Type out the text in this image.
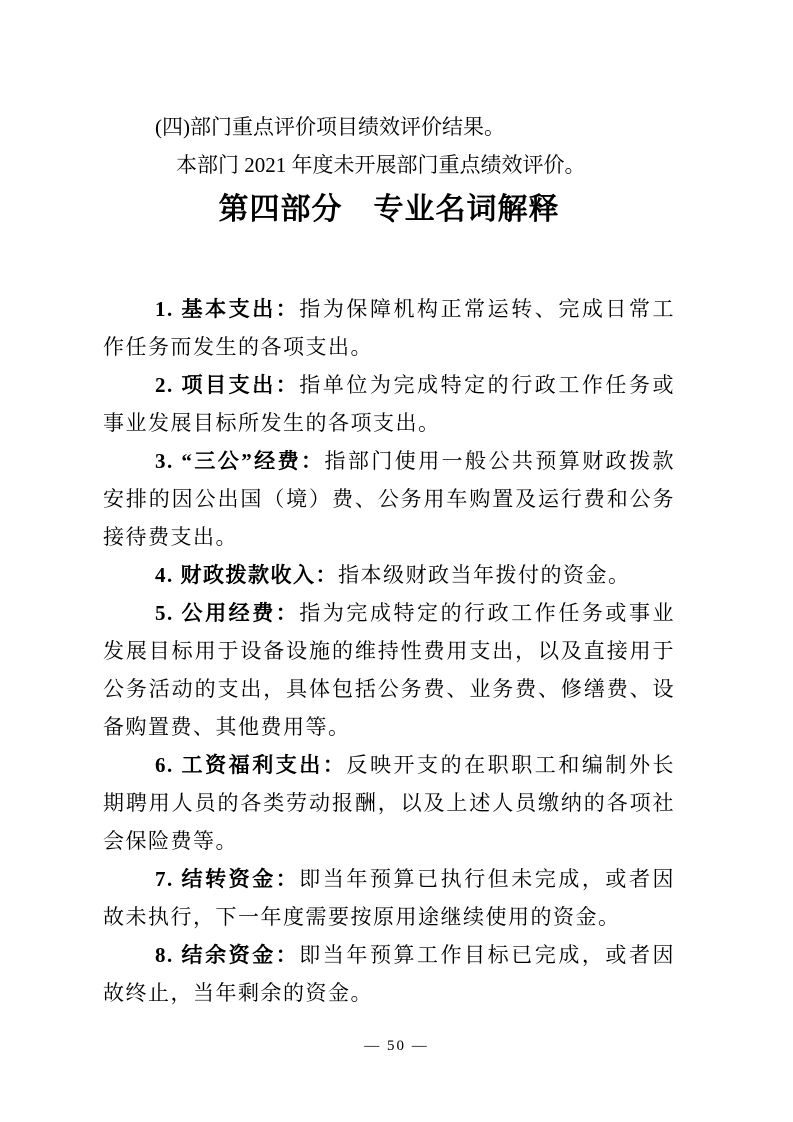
(四)部门重点评价项目绩效评价结果。

本部门 2021 年度未开展部门重点绩效评价。

第四部分　专业名词解释

1. 基本支出：指为保障机构正常运转、完成日常工作任务而发生的各项支出。

2. 项目支出：指单位为完成特定的行政工作任务或事业发展目标所发生的各项支出。

3. “三公”经费：指部门使用一般公共预算财政拨款安排的因公出国（境）费、公务用车购置及运行费和公务接待费支出。

4. 财政拨款收入：指本级财政当年拨付的资金。

5. 公用经费：指为完成特定的行政工作任务或事业发展目标用于设备设施的维持性费用支出，以及直接用于公务活动的支出，具体包括公务费、业务费、修缮费、设备购置费、其他费用等。

6. 工资福利支出：反映开支的在职职工和编制外长期聘用人员的各类劳动报酬，以及上述人员缴纳的各项社会保险费等。

7. 结转资金：即当年预算已执行但未完成，或者因故未执行，下一年度需要按原用途继续使用的资金。

8. 结余资金：即当年预算工作目标已完成，或者因故终止，当年剩余的资金。

— 50 —
